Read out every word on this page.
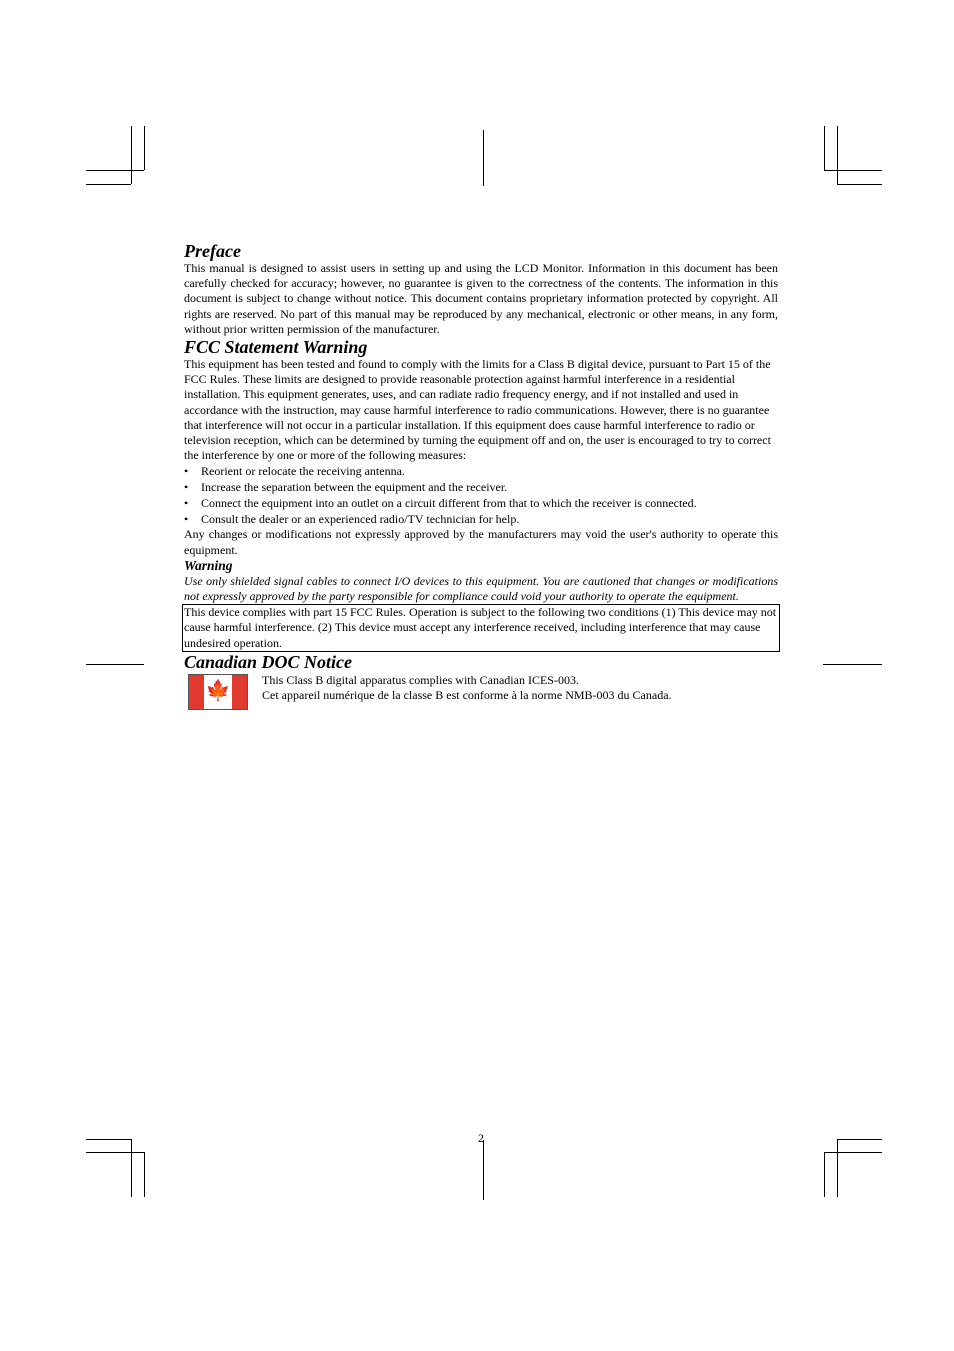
Preface

This manual is designed to assist users in setting up and using the LCD Monitor. Information in this document has been carefully checked for accuracy; however, no guarantee is given to the correctness of the contents. The information in this document is subject to change without notice. This document contains proprietary information protected by copyright. All rights are reserved. No part of this manual may be reproduced by any mechanical, electronic or other means, in any form, without prior written permission of the manufacturer.

FCC Statement Warning

This equipment has been tested and found to comply with the limits for a Class B digital device, pursuant to Part 15 of the FCC Rules. These limits are designed to provide reasonable protection against harmful interference in a residential installation. This equipment generates, uses, and can radiate radio frequency energy, and if not installed and used in accordance with the instruction, may cause harmful interference to radio communications. However, there is no guarantee that interference will not occur in a particular installation. If this equipment does cause harmful interference to radio or television reception, which can be determined by turning the equipment off and on, the user is encouraged to try to correct the interference by one or more of the following measures:

• Reorient or relocate the receiving antenna.
• Increase the separation between the equipment and the receiver.
• Connect the equipment into an outlet on a circuit different from that to which the receiver is connected.
• Consult the dealer or an experienced radio/TV technician for help.

Any changes or modifications not expressly approved by the manufacturers may void the user's authority to operate this equipment.

Warning

Use only shielded signal cables to connect I/O devices to this equipment. You are cautioned that changes or modifications not expressly approved by the party responsible for compliance could void your authority to operate the equipment.

This device complies with part 15 FCC Rules. Operation is subject to the following two conditions (1) This device may not cause harmful interference. (2) This device must accept any interference received, including interference that may cause undesired operation.

Canadian DOC Notice
🍁

This Class B digital apparatus complies with Canadian ICES-003.

Cet appareil numérique de la classe B est conforme à la norme NMB-003 du Canada.

2
